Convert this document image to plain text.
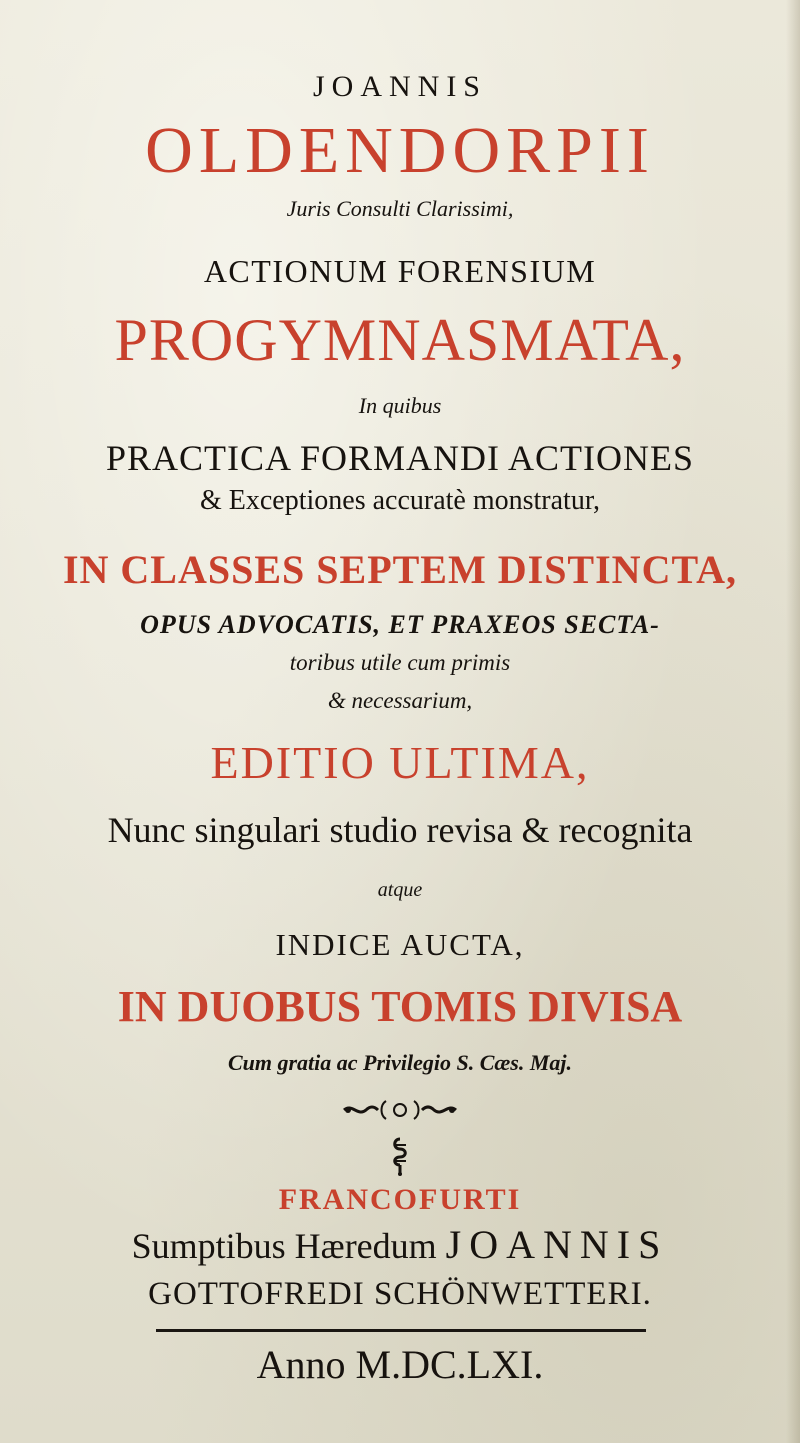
JOANNIS
OLDENDORPII
Juris Consulti Clarissimi,
ACTIONUM FORENSIUM
PROGYMNASMATA,
In quibus
PRACTICA FORMANDI ACTIONES
& Exceptiones accuratè monstratur,
IN CLASSES SEPTEM DISTINCTA,
OPUS ADVOCATIS, ET PRAXEOS SECTA-
toribus utile cum primis
& necessarium,
EDITIO ULTIMA,
Nunc singulari studio revisa & recognita
atque
INDICE AUCTA,
IN DUOBUS TOMIS DIVISA
Cum gratia ac Privilegio S. Cæs. Maj.
FRANCOFURTI
Sumptibus Hæredum JOANNIS
GOTTOFREDI SCHÖNWETTERI.
Anno M.DC.LXI.
